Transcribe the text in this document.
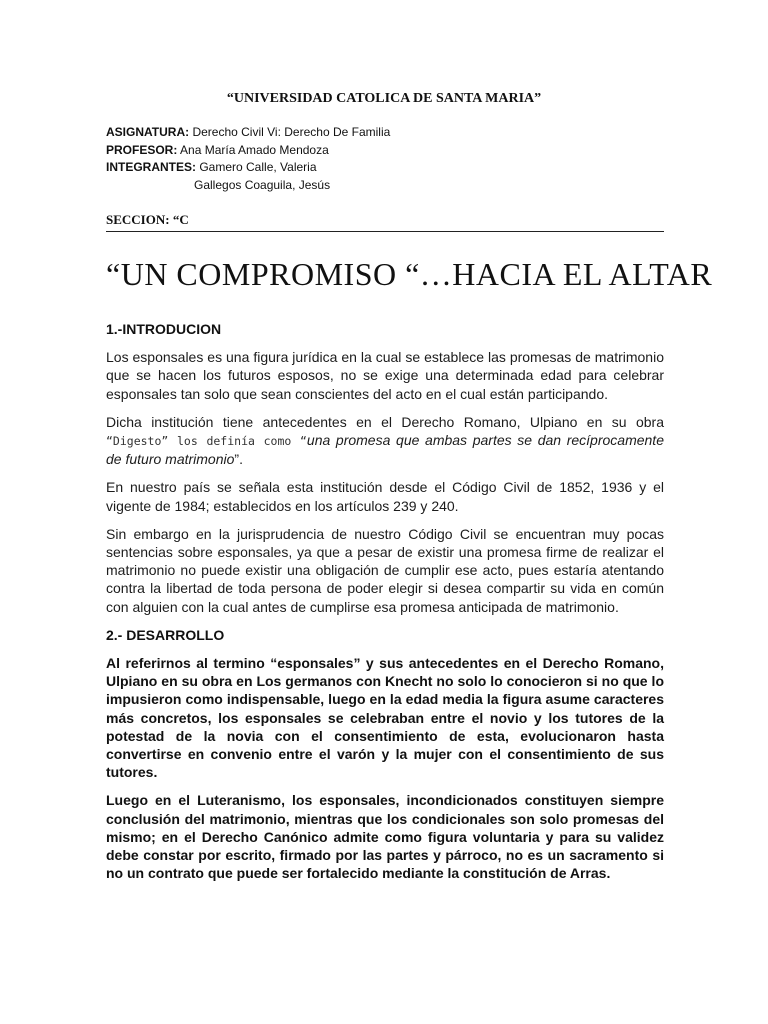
“UNIVERSIDAD CATOLICA DE SANTA MARIA”
ASIGNATURA: Derecho Civil Vi: Derecho De Familia
PROFESOR: Ana María Amado Mendoza
INTEGRANTES: Gamero Calle, Valeria
Gallegos Coaguila, Jesús
SECCION: “C
“UN COMPROMISO “…HACIA EL ALTAR
1.-INTRODUCION

Los esponsales es una figura jurídica en la cual se establece las promesas de matrimonio que se hacen los futuros esposos, no se exige una determinada edad para celebrar esponsales tan solo que sean conscientes del acto en el cual están participando.

Dicha institución tiene antecedentes en el Derecho Romano, Ulpiano en su obra “Digesto” los definía como “una promesa que ambas partes se dan recíprocamente de futuro matrimonio”.

En nuestro país se señala esta institución desde el Código Civil de 1852, 1936 y el vigente de 1984; establecidos en los artículos 239 y 240.

Sin embargo en la jurisprudencia de nuestro Código Civil se encuentran muy pocas sentencias sobre esponsales, ya que a pesar de existir una promesa firme de realizar el matrimonio no puede existir una obligación de cumplir ese acto, pues estaría atentando contra la libertad de toda persona de poder elegir si desea compartir su vida en común con alguien con la cual antes de cumplirse esa promesa anticipada de matrimonio.

2.- DESARROLLO

Al referirnos al termino “esponsales” y sus antecedentes en el Derecho Romano, Ulpiano en su obra en Los germanos con Knecht no solo lo conocieron si no que lo impusieron como indispensable, luego en la edad media la figura asume caracteres más concretos, los esponsales se celebraban entre el novio y los tutores de la potestad de la novia con el consentimiento de esta, evolucionaron hasta convertirse en convenio entre el varón y la mujer con el consentimiento de sus tutores.

Luego en el Luteranismo, los esponsales, incondicionados constituyen siempre conclusión del matrimonio, mientras que los condicionales son solo promesas del mismo; en el Derecho Canónico admite como figura voluntaria y para su validez debe constar por escrito, firmado por las partes y párroco, no es un sacramento si no un contrato que puede ser fortalecido mediante la constitución de Arras.
